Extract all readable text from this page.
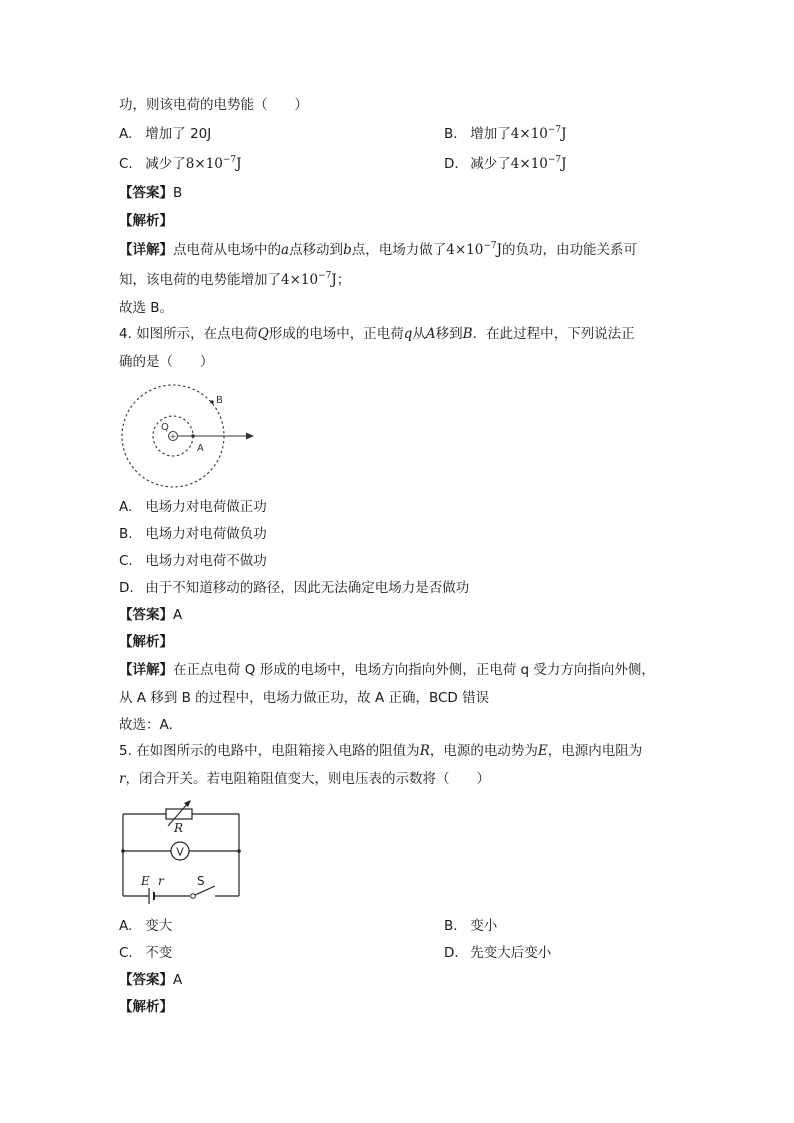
功，则该电荷的电势能（　　）
A. 增加了 20J	B. 增加了$4\times 10^{-7}J$
C. 减少了$8\times 10^{-7}J$	D. 减少了$4\times 10^{-7}J$
【答案】B
【解析】
【详解】点电荷从电场中的a点移动到b点，电场力做了$4\times 10^{-7}J$的负功，由功能关系可
知，该电荷的电势能增加了$4\times 10^{-7}J$；
故选 B。
4. 如图所示，在点电荷Q形成的电场中，正电荷q从A移到B．在此过程中，下列说法正
确的是（　　）
+
Q
A
B
A. 电场力对电荷做正功
B. 电场力对电荷做负功
C. 电场力对电荷不做功
D. 由于不知道移动的路径，因此无法确定电场力是否做功
【答案】A
【解析】
【详解】在正点电荷 Q 形成的电场中，电场方向指向外侧，正电荷 q 受力方向指向外侧，
从 A 移到 B 的过程中，电场力做正功，故 A 正确，BCD 错误
故选：A.
5. 在如图所示的电路中，电阻箱接入电路的阻值为R，电源的电动势为E，电源内电阻为
r，闭合开关。若电阻箱阻值变大，则电压表的示数将（　　）
R
V
E r	S
A. 变大	B. 变小
C. 不变	D. 先变大后变小
【答案】A
【解析】
